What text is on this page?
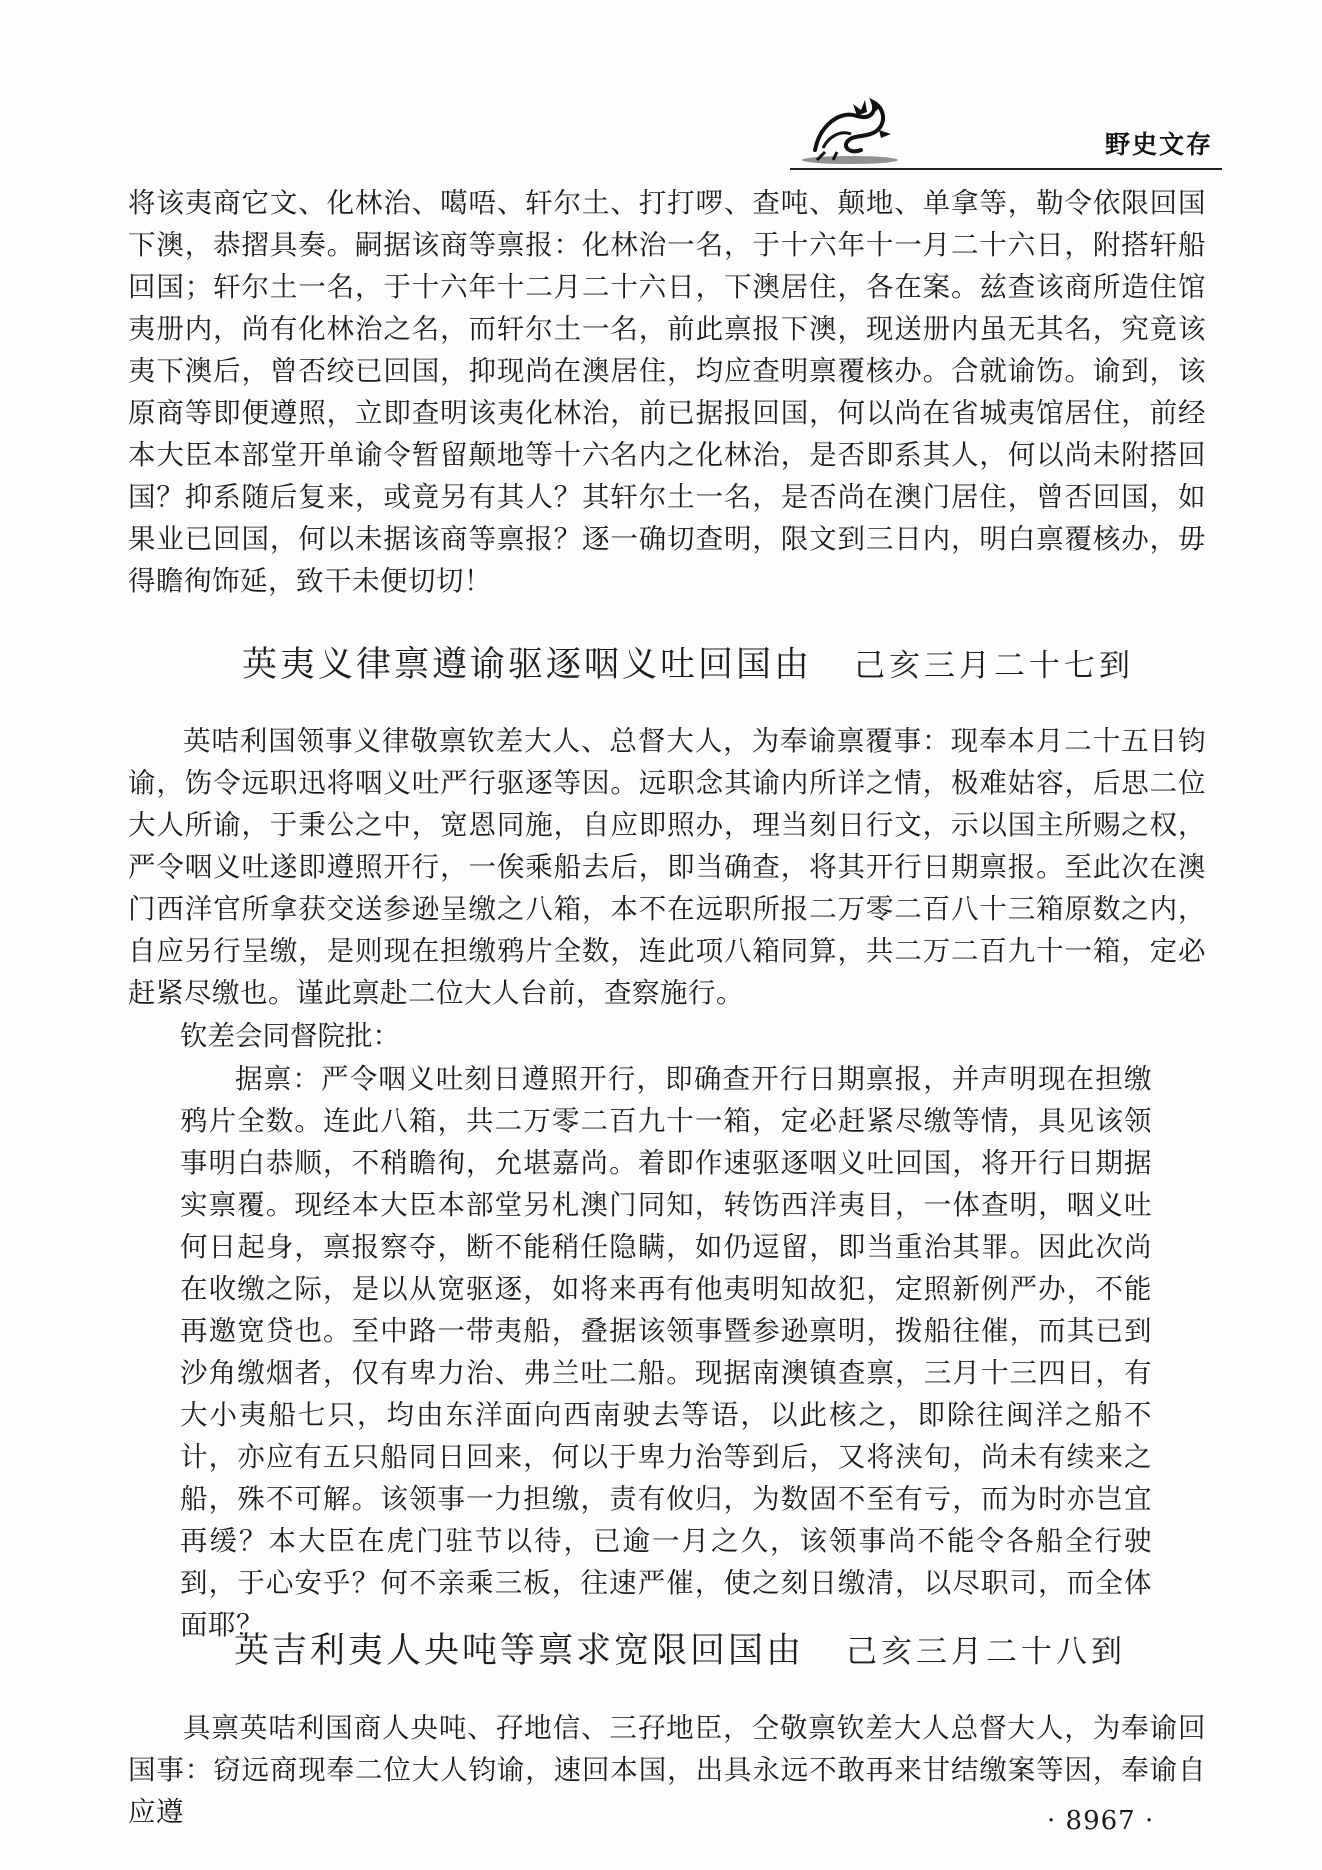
野史文存

将该夷商它文、化林治、噶唔、轩尔土、打打啰、查吨、颠地、单拿等，勒令依限回国下澳，恭摺具奏。嗣据该商等禀报：化林治一名，于十六年十一月二十六日，附搭轩船回国；轩尔土一名，于十六年十二月二十六日，下澳居住，各在案。兹查该商所造住馆夷册内，尚有化林治之名，而轩尔土一名，前此禀报下澳，现送册内虽无其名，究竟该夷下澳后，曾否绞已回国，抑现尚在澳居住，均应查明禀覆核办。合就谕饬。谕到，该原商等即便遵照，立即查明该夷化林治，前已据报回国，何以尚在省城夷馆居住，前经本大臣本部堂开单谕令暂留颠地等十六名内之化林治，是否即系其人，何以尚未附搭回国？抑系随后复来，或竟另有其人？其轩尔土一名，是否尚在澳门居住，曾否回国，如果业已回国，何以未据该商等禀报？逐一确切查明，限文到三日内，明白禀覆核办，毋得瞻徇饰延，致干未便切切！

英夷义律禀遵谕驱逐咽义吐回国由 己亥三月二十七到

英咭利国领事义律敬禀钦差大人、总督大人，为奉谕禀覆事：现奉本月二十五日钧谕，饬令远职迅将咽义吐严行驱逐等因。远职念其谕内所详之情，极难姑容，后思二位大人所谕，于秉公之中，宽恩同施，自应即照办，理当刻日行文，示以国主所赐之权，严令咽义吐遂即遵照开行，一俟乘船去后，即当确查，将其开行日期禀报。至此次在澳门西洋官所拿获交送参逊呈缴之八箱，本不在远职所报二万零二百八十三箱原数之内，自应另行呈缴，是则现在担缴鸦片全数，连此项八箱同算，共二万二百九十一箱，定必赶紧尽缴也。谨此禀赴二位大人台前，查察施行。

钦差会同督院批：

据禀：严令咽义吐刻日遵照开行，即确查开行日期禀报，并声明现在担缴鸦片全数。连此八箱，共二万零二百九十一箱，定必赶紧尽缴等情，具见该领事明白恭顺，不稍瞻徇，允堪嘉尚。着即作速驱逐咽义吐回国，将开行日期据实禀覆。现经本大臣本部堂另札澳门同知，转饬西洋夷目，一体查明，咽义吐何日起身，禀报察夺，断不能稍任隐瞒，如仍逗留，即当重治其罪。因此次尚在收缴之际，是以从宽驱逐，如将来再有他夷明知故犯，定照新例严办，不能再邀宽贷也。至中路一带夷船，叠据该领事暨参逊禀明，拨船往催，而其已到沙角缴烟者，仅有卑力治、弗兰吐二船。现据南澳镇查禀，三月十三四日，有大小夷船七只，均由东洋面向西南驶去等语，以此核之，即除往闽洋之船不计，亦应有五只船同日回来，何以于卑力治等到后，又将浃旬，尚未有续来之船，殊不可解。该领事一力担缴，责有攸归，为数固不至有亏，而为时亦岂宜再缓？本大臣在虎门驻节以待，已逾一月之久，该领事尚不能令各船全行驶到，于心安乎？何不亲乘三板，往速严催，使之刻日缴清，以尽职司，而全体面耶？

英吉利夷人央吨等禀求宽限回国由 己亥三月二十八到

具禀英咭利国商人央吨、孖地信、三孖地臣，仝敬禀钦差大人总督大人，为奉谕回国事：窃远商现奉二位大人钧谕，速回本国，出具永远不敢再来甘结缴案等因，奉谕自应遵	· 8967 ·
